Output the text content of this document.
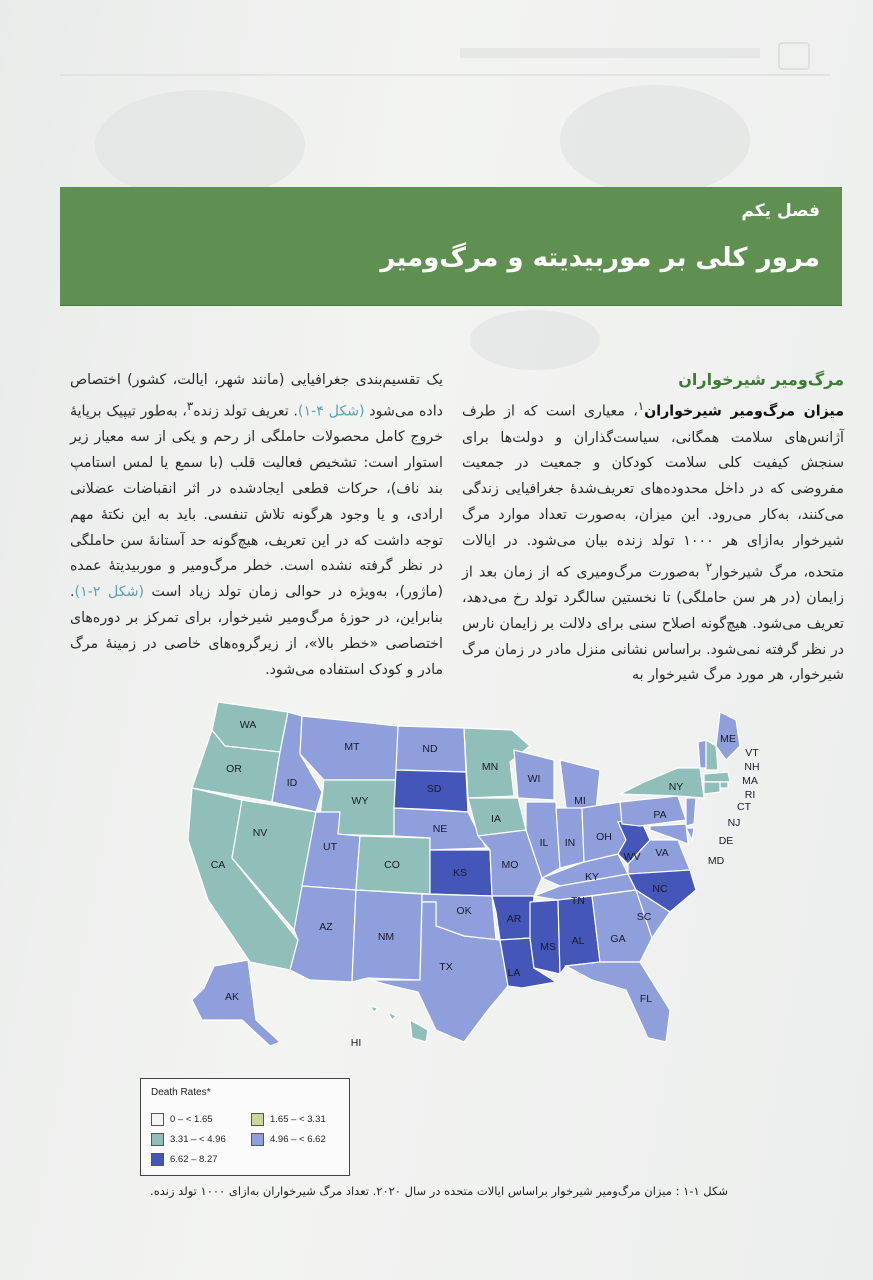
فصل یکم
مرور کلی بر موربیدیته و مرگ‌ومیر
مرگ‌ومیر شیرخواران

میزان مرگ‌ومیر شیرخواران$^۱$، معیاری است که از طرف آژانس‌های سلامت همگانی، سیاست‌گذاران و دولت‌ها برای سنجش کیفیت کلی سلامت کودکان و جمعیت در جمعیت مفروضی که در داخل محدوده‌های تعریف‌شدهٔ جغرافیایی زندگی می‌کنند، به‌کار می‌رود. این میزان، به‌صورت تعداد موارد مرگ شیرخوار به‌ازای هر ۱۰۰۰ تولد زنده بیان می‌شود. در ایالات متحده، مرگ شیرخوار$^۲$ به‌صورت مرگ‌ومیری که از زمان بعد از زایمان (در هر سن حاملگی) تا نخستین سالگرد تولد رخ می‌دهد، تعریف می‌شود. هیچ‌گونه اصلاح سنی برای دلالت بر زایمان نارس در نظر گرفته نمی‌شود. براساس نشانی منزل مادر در زمان مرگ شیرخوار، هر مورد مرگ شیرخوار به

یک تقسیم‌بندی جغرافیایی (مانند شهر، ایالت، کشور) اختصاص داده می‌شود (شکل ۴-۱). تعریف تولد زنده$^۳$، به‌طور تیپیک برپایهٔ خروج کامل محصولات حاملگی از رحم و یکی از سه معیار زیر استوار است: تشخیص فعالیت قلب (با سمع یا لمس استامپ بند ناف)، حرکات قطعی ایجادشده در اثر انقباضات عضلانی ارادی، و یا وجود هرگونه تلاش تنفسی. باید به این نکتهٔ مهم توجه داشت که در این تعریف، هیچ‌گونه حد آستانهٔ سن حاملگی در نظر گرفته نشده است. خطر مرگ‌ومیر و موربیدیتهٔ عمده (ماژور)، به‌ویژه در حوالی زمان تولد زیاد است (شکل ۲-۱). بنابراین، در حوزهٔ مرگ‌ومیر شیرخوار، برای تمرکز بر دوره‌های اختصاصی «خطر بالا»، از زیرگروه‌های خاصی در زمینهٔ مرگ مادر و کودک استفاده می‌شود.

WA
OR
CA
ID
NV
MT
WY
UT
AZ
CO
NM
ND
SD
NE
KS
OK
TX
MN
IA
MO
AR
LA
WI
IL
MS
MI
IN
KY
TN
AL
OH
WV VA
NC
SC
GA
FL
PA
NY
ME
VT
NH
MA
RI
CT
NJ
DE
MD
AK
HI
Death Rates*
0 – < 1.65	1.65 – < 3.31
3.31 – < 4.96	4.96 – < 6.62
6.62 – 8.27
شکل ۱-۱ : میزان مرگ‌ومیر شیرخوار براساس ایالات متحده در سال ۲۰۲۰. تعداد مرگ شیرخواران به‌ازای ۱۰۰۰ تولد زنده.
